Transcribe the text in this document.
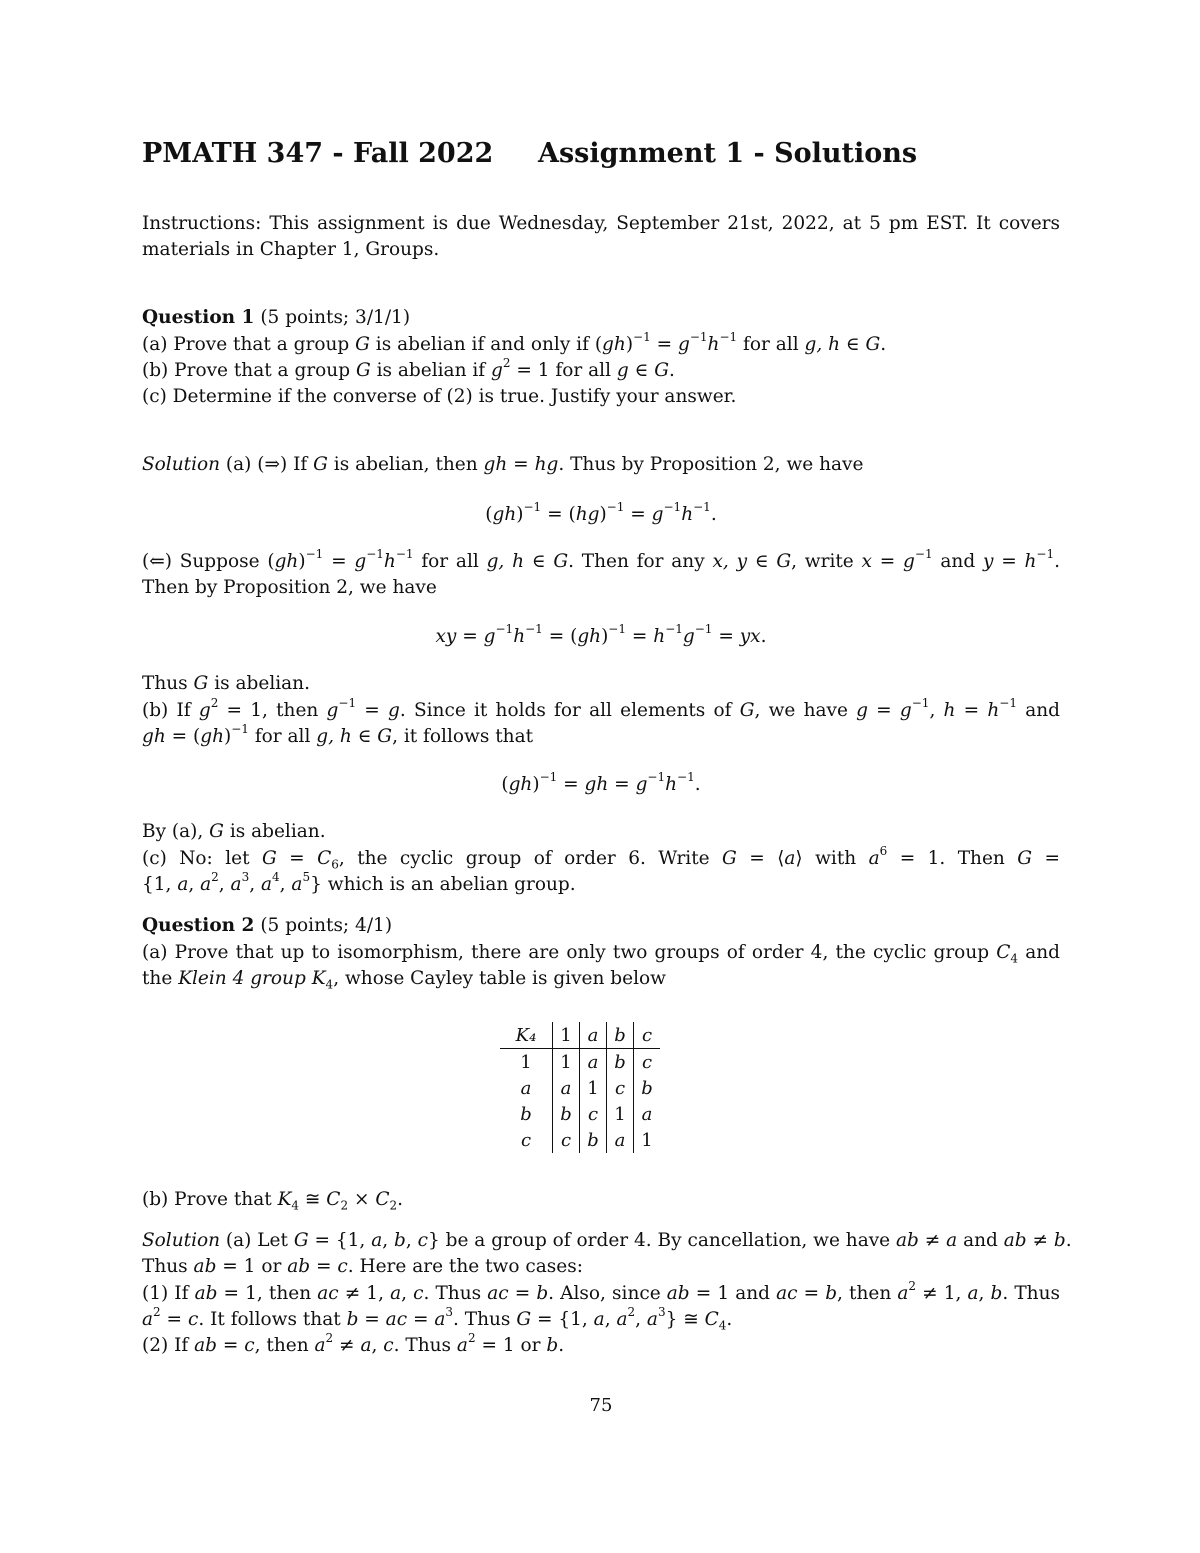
PMATH 347 - Fall 2022 Assignment 1 - Solutions
Instructions: This assignment is due Wednesday, September 21st, 2022, at 5 pm EST. It covers
materials in Chapter 1, Groups.
Question 1 (5 points; 3/1/1)
(a) Prove that a group G is abelian if and only if $(gh)^{-1} = g^{-1}h^{-1}$ for all g, h ∈ G.
(b) Prove that a group G is abelian if $g^2 = 1$ for all g ∈ G.
(c) Determine if the converse of (2) is true. Justify your answer.
Solution (a) (⇒) If G is abelian, then gh = hg. Thus by Proposition 2, we have
$(gh)^{-1} = (hg)^{-1} = g^{-1}h^{-1}$.
(⇐) Suppose $(gh)^{-1} = g^{-1}h^{-1}$ for all g, h ∈ G. Then for any x, y ∈ G, write $x = g^{-1}$ and $y = h^{-1}$.
Then by Proposition 2, we have
xy = $g^{-1}h^{-1} = (gh)^{-1} = h^{-1}g^{-1}$ = yx.
Thus G is abelian.
(b) If $g^2 = 1$, then $g^{-1} = g$. Since it holds for all elements of G, we have $g = g^{-1}$, $h = h^{-1}$ and
gh = (gh)$^{-1}$ for all g, h ∈ G, it follows that
(gh)$^{-1}$ = gh = $g^{-1}h^{-1}$.
By (a), G is abelian.
(c) No: let $G = C_6$, the cyclic group of order 6. Write G = ⟨a⟩ with $a^6 = 1$. Then G =
{1, a, $a^2$, $a^3$, $a^4$, $a^5$} which is an abelian group.
Question 2 (5 points; 4/1)
(a) Prove that up to isomorphism, there are only two groups of order 4, the cyclic group $C_4$ and
the Klein 4 group $K_4$, whose Cayley table is given below
K₄	1	a	b	c
1	1	a	b	c
a	a	1	c	b
b	b	c	1	a
c	c	b	a	1
(b) Prove that $K_4$ ≅ $C_2 \times C_2$.
Solution (a) Let G = {1, a, b, c} be a group of order 4. By cancellation, we have ab ≠ a and ab ≠ b.
Thus ab = 1 or ab = c. Here are the two cases:
(1) If ab = 1, then ac ≠ 1, a, c. Thus ac = b. Also, since ab = 1 and ac = b, then $a^2 \ne 1$, a, b. Thus
$a^2 = c$. It follows that b = ac = $a^3$. Thus G = {1, a, $a^2$, $a^3$} ≅ $C_4$.
(2) If ab = c, then $a^2 \ne a$, c. Thus $a^2 = 1$ or b.
75
